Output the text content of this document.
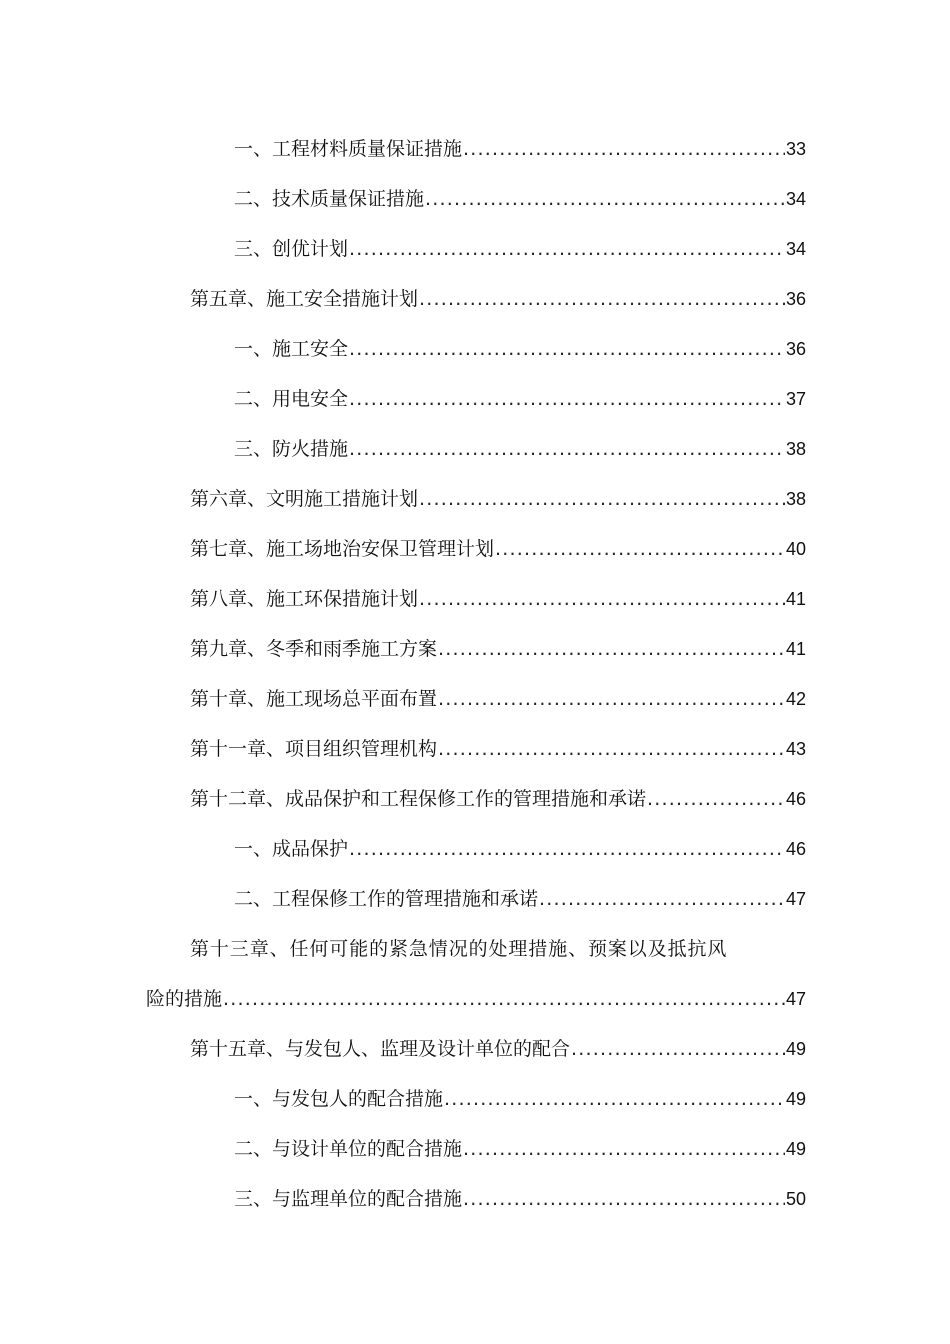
一、工程材料质量保证措施 .....	33
二、技术质量保证措施 .....	34
三、创优计划 .....	34
第五章、施工安全措施计划 .....	36
一、施工安全 .....	36
二、用电安全 .....	37
三、防火措施 .....	38
第六章、文明施工措施计划 .....	38
第七章、施工场地治安保卫管理计划 .....	40
第八章、施工环保措施计划 .....	41
第九章、冬季和雨季施工方案 .....	41
第十章、施工现场总平面布置 .....	42
第十一章、项目组织管理机构 .....	43
第十二章、成品保护和工程保修工作的管理措施和承诺 .....	46
一、成品保护 .....	46
二、工程保修工作的管理措施和承诺 .....	47
第十三章、任何可能的紧急情况的处理措施、预案以及抵抗风
险的措施 .....	47
第十五章、与发包人、监理及设计单位的配合 .....	49
一、与发包人的配合措施 .....	49
二、与设计单位的配合措施 .....	49
三、与监理单位的配合措施 .....	50
